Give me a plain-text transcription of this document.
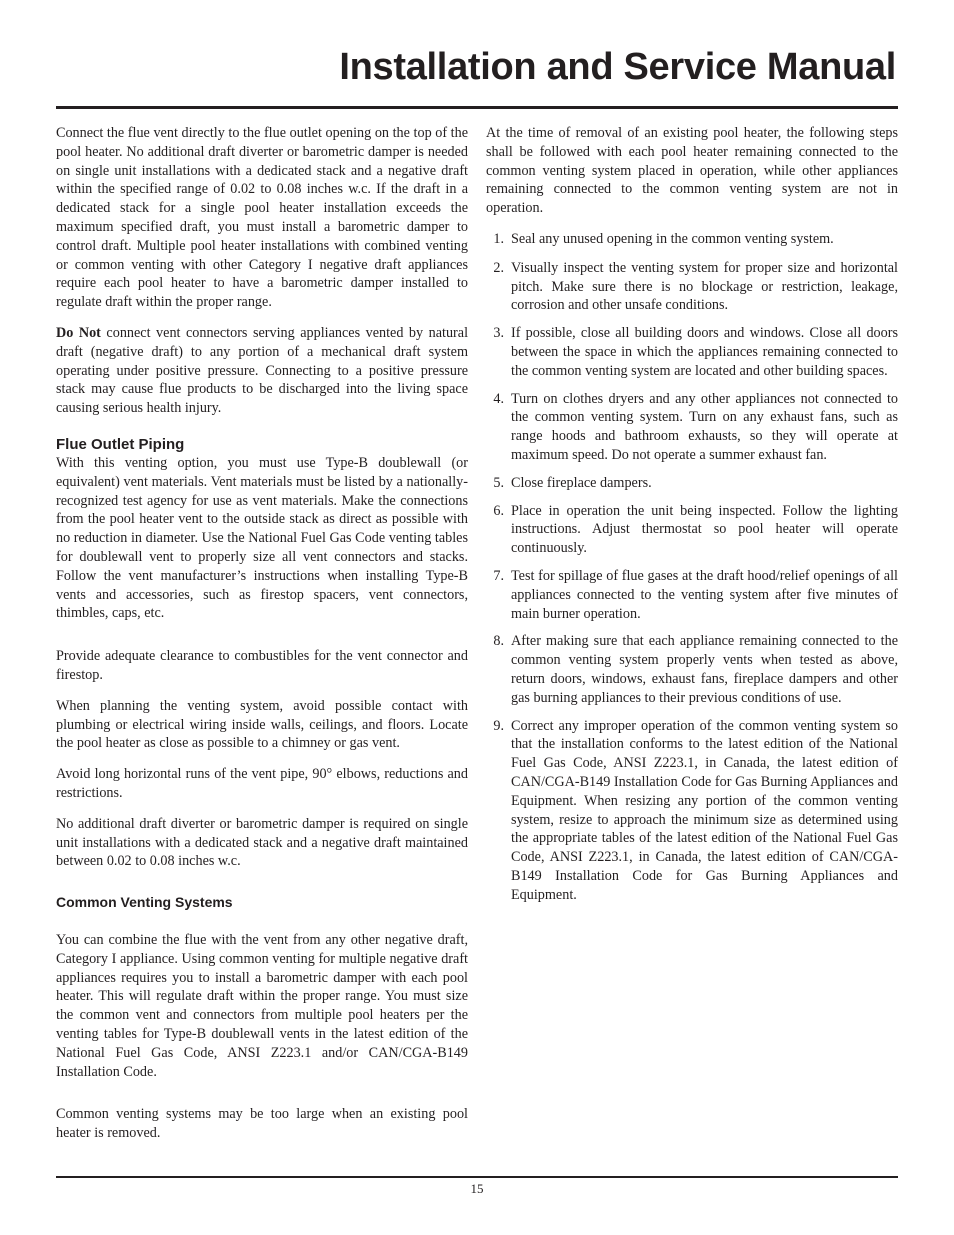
Installation and Service Manual

Connect the flue vent directly to the flue outlet opening on the top of the pool heater. No additional draft diverter or barometric damper is needed on single unit installations with a dedicated stack and a negative draft within the specified range of 0.02 to 0.08 inches w.c. If the draft in a dedicated stack for a single pool heater installation exceeds the maximum specified draft, you must install a barometric damper to control draft. Multiple pool heater installations with combined venting or common venting with other Category I negative draft appliances require each pool heater to have a barometric damper installed to regulate draft within the proper range.

Do Not connect vent connectors serving appliances vented by natural draft (negative draft) to any portion of a mechanical draft system operating under positive pressure. Connecting to a positive pressure stack may cause flue products to be discharged into the living space causing serious health injury.

Flue Outlet Piping

With this venting option, you must use Type-B doublewall (or equivalent) vent materials. Vent materials must be listed by a nationally-recognized test agency for use as vent materials. Make the connections from the pool heater vent to the outside stack as direct as possible with no reduction in diameter. Use the National Fuel Gas Code venting tables for doublewall vent to properly size all vent connectors and stacks. Follow the vent manufacturer’s instructions when installing Type-B vents and accessories, such as firestop spacers, vent connectors, thimbles, caps, etc.

Provide adequate clearance to combustibles for the vent connector and firestop.

When planning the venting system, avoid possible contact with plumbing or electrical wiring inside walls, ceilings, and floors. Locate the pool heater as close as possible to a chimney or gas vent.

Avoid long horizontal runs of the vent pipe, 90° elbows, reductions and restrictions.

No additional draft diverter or barometric damper is required on single unit installations with a dedicated stack and a negative draft maintained between 0.02 to 0.08 inches w.c.

Common Venting Systems

You can combine the flue with the vent from any other negative draft, Category I appliance. Using common venting for multiple negative draft appliances requires you to install a barometric damper with each pool heater. This will regulate draft within the proper range. You must size the common vent and connectors from multiple pool heaters per the venting tables for Type-B doublewall vents in the latest edition of the National Fuel Gas Code, ANSI Z223.1 and/or CAN/CGA-B149 Installation Code.

Common venting systems may be too large when an existing pool heater is removed.

At the time of removal of an existing pool heater, the following steps shall be followed with each pool heater remaining connected to the common venting system placed in operation, while other appliances remaining connected to the common venting system are not in operation.

1. Seal any unused opening in the common venting system.
2. Visually inspect the venting system for proper size and horizontal pitch. Make sure there is no blockage or restriction, leakage, corrosion and other unsafe conditions.
3. If possible, close all building doors and windows. Close all doors between the space in which the appliances remaining connected to the common venting system are located and other building spaces.
4. Turn on clothes dryers and any other appliances not connected to the common venting system. Turn on any exhaust fans, such as range hoods and bathroom exhausts, so they will operate at maximum speed. Do not operate a summer exhaust fan.
5. Close fireplace dampers.
6. Place in operation the unit being inspected. Follow the lighting instructions. Adjust thermostat so pool heater will operate continuously.
7. Test for spillage of flue gases at the draft hood/relief openings of all appliances connected to the venting system after five minutes of main burner operation.
8. After making sure that each appliance remaining connected to the common venting system properly vents when tested as above, return doors, windows, exhaust fans, fireplace dampers and other gas burning appliances to their previous conditions of use.
9. Correct any improper operation of the common venting system so that the installation conforms to the latest edition of the National Fuel Gas Code, ANSI Z223.1, in Canada, the latest edition of CAN/CGA-B149 Installation Code for Gas Burning Appliances and Equipment. When resizing any portion of the common venting system, resize to approach the minimum size as determined using the appropriate tables of the latest edition of the National Fuel Gas Code, ANSI Z223.1, in Canada, the latest edition of CAN/CGA-B149 Installation Code for Gas Burning Appliances and Equipment.
15
